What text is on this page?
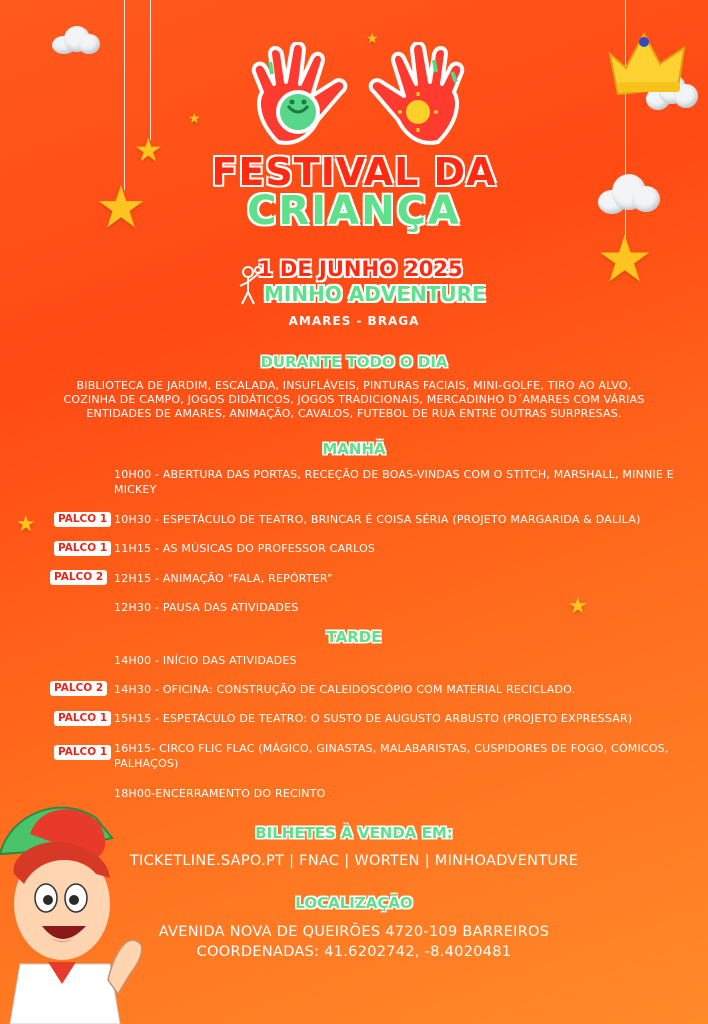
★
★
★
★
★
★
★
FESTIVAL DA
CRIANÇA
1 DE JUNHO 2025
MINHO ADVENTURE
AMARES - BRAGA
DURANTE TODO O DIA
BIBLIOTECA DE JARDIM, ESCALADA, INSUFLÁVEIS, PINTURAS FACIAIS, MINI-GOLFE, TIRO AO ALVO,
COZINHA DE CAMPO, JOGOS DIDÁTICOS, JOGOS TRADICIONAIS, MERCADINHO D´AMARES COM VÁRIAS
ENTIDADES DE AMARES, ANIMAÇÃO, CAVALOS, FUTEBOL DE RUA ENTRE OUTRAS SURPRESAS.
MANHÃ
10H00 - ABERTURA DAS PORTAS, RECEÇÃO DE BOAS-VINDAS COM O STITCH, MARSHALL, MINNIE E MICKEY
PALCO 1 10H30 - ESPETÁCULO DE TEATRO, BRINCAR É COISA SÉRIA (PROJETO MARGARIDA & DALILA)
PALCO 1 11H15 - AS MÚSICAS DO PROFESSOR CARLOS
PALCO 2 12H15 - ANIMAÇÃO “FALA, REPÓRTER”
12H30 - PAUSA DAS ATIVIDADES
TARDE
14H00 - INÍCIO DAS ATIVIDADES
PALCO 2 14H30 - OFICINA: CONSTRUÇÃO DE CALEIDOSCÓPIO COM MATERIAL RECICLADO.
PALCO 1 15H15 - ESPETÁCULO DE TEATRO: O SUSTO DE AUGUSTO ARBUSTO (PROJETO EXPRESSAR)
PALCO 1 16H15- CIRCO FLIC FLAC (MÁGICO, GINASTAS, MALABARISTAS, CUSPIDORES DE FOGO, CÓMICOS, PALHAÇOS)
18H00-ENCERRAMENTO DO RECINTO
BILHETES À VENDA EM:
TICKETLINE.SAPO.PT | FNAC | WORTEN | MINHOADVENTURE
LOCALIZAÇÃO
AVENIDA NOVA DE QUEIRÕES 4720-109 BARREIROS
COORDENADAS: 41.6202742, -8.4020481
